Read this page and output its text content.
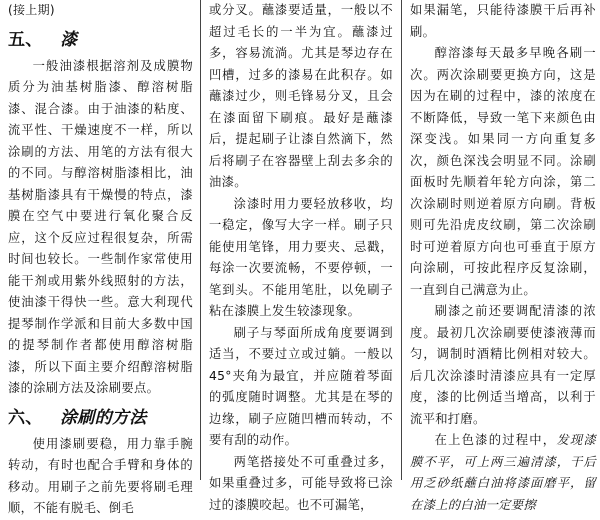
(接上期)
五、 漆

一般油漆根据溶剂及成膜物质分为油基树脂漆、醇溶树脂漆、混合漆。由于油漆的粘度、流平性、干燥速度不一样，所以涂刷的方法、用笔的方法有很大的不同。与醇溶树脂漆相比，油基树脂漆具有干燥慢的特点，漆膜在空气中要进行氧化聚合反应，这个反应过程很复杂，所需时间也较长。一些制作家常使用能干剂或用紫外线照射的方法，使油漆干得快一些。意大利现代提琴制作学派和目前大多数中国的提琴制作者都使用醇溶树脂漆，所以下面主要介绍醇溶树脂漆的涂刷方法及涂刷要点。

六、 涂刷的方法

使用漆刷要稳，用力靠手腕转动，有时也配合手臂和身体的移动。用刷子之前先要将刷毛理顺，不能有脱毛、倒毛

或分叉。蘸漆要适量，一般以不超过毛长的一半为宜。蘸漆过多，容易流淌。尤其是琴边存在凹槽，过多的漆易在此积存。如蘸漆过少，则毛锋易分叉，且会在漆面留下刷痕。最好是蘸漆后，提起刷子让漆自然滴下，然后将刷子在容器壁上刮去多余的油漆。

涂漆时用力要轻放移收，均一稳定，像写大字一样。刷子只能使用笔锋，用力要夹、忌戳，每涂一次要流畅，不要停顿，一笔到头。不能用笔肚，以免刷子粘在漆膜上发生较漆现象。

刷子与琴面所成角度要调到适当，不要过立或过躺。一般以45°夹角为最宜，并应随着琴面的弧度随时调整。尤其是在琴的边缘，刷子应随凹槽而转动，不要有刮的动作。

两笔搭接处不可重叠过多，如果重叠过多，可能导致将已涂过的漆膜咬起。也不可漏笔，

如果漏笔，只能待漆膜干后再补刷。

醇溶漆每天最多早晚各刷一次。两次涂刷要更换方向，这是因为在刷的过程中，漆的浓度在不断降低，导致一笔下来颜色由深变浅。如果同一方向重复多次，颜色深浅会明显不同。涂刷面板时先顺着年轮方向涂，第二次涂刷时则逆着原方向刷。背板则可先沿虎皮纹刷，第二次涂刷时可逆着原方向也可垂直于原方向涂刷，可按此程序反复涂刷，一直到自己满意为止。

刷漆之前还要调配清漆的浓度。最初几次涂刷要使漆液薄而匀，调制时酒精比例相对较大。后几次涂漆时清漆应具有一定厚度，漆的比例适当增高，以利于流平和打磨。

在上色漆的过程中，发现漆膜不平，可上两三遍清漆，干后用乏砂纸蘸白油将漆面磨平，留在漆上的白油一定要擦
